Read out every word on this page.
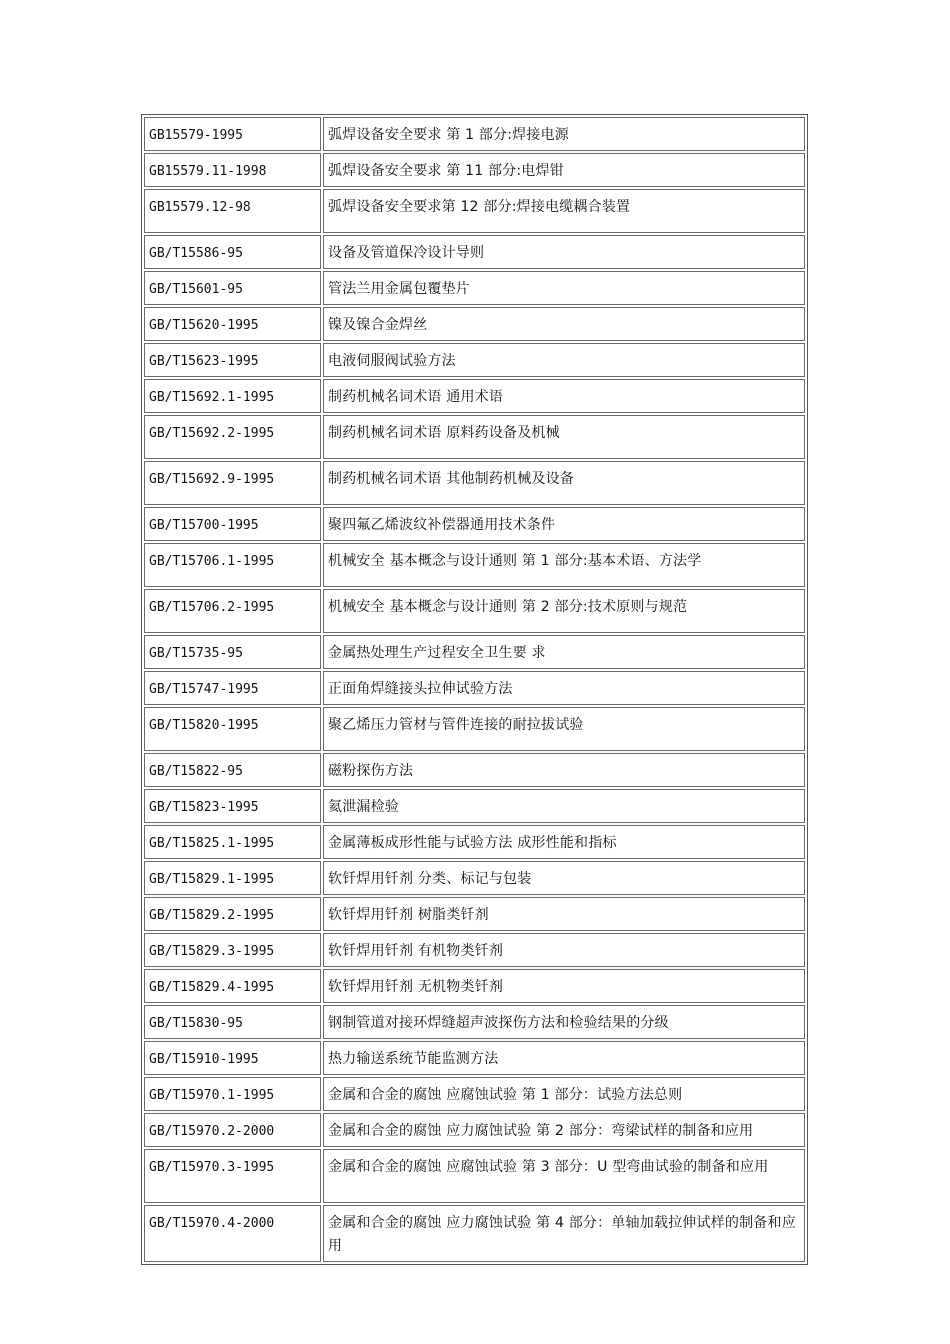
GB15579-1995	弧焊设备安全要求 第 1 部分:焊接电源
GB15579.11-1998	弧焊设备安全要求 第 11 部分:电焊钳
GB15579.12-98	弧焊设备安全要求第 12 部分:焊接电缆耦合装置
GB/T15586-95	设备及管道保冷设计导则
GB/T15601-95	管法兰用金属包覆垫片
GB/T15620-1995	镍及镍合金焊丝
GB/T15623-1995	电液伺服阀试验方法
GB/T15692.1-1995	制药机械名词术语 通用术语
GB/T15692.2-1995	制药机械名词术语 原料药设备及机械
GB/T15692.9-1995	制药机械名词术语 其他制药机械及设备
GB/T15700-1995	聚四氟乙烯波纹补偿器通用技术条件
GB/T15706.1-1995	机械安全 基本概念与设计通则 第 1 部分:基本术语、方法学
GB/T15706.2-1995	机械安全 基本概念与设计通则 第 2 部分:技术原则与规范
GB/T15735-95	金属热处理生产过程安全卫生要 求
GB/T15747-1995	正面角焊缝接头拉伸试验方法
GB/T15820-1995	聚乙烯压力管材与管件连接的耐拉拔试验
GB/T15822-95	磁粉探伤方法
GB/T15823-1995	氦泄漏检验
GB/T15825.1-1995	金属薄板成形性能与试验方法 成形性能和指标
GB/T15829.1-1995	软钎焊用钎剂 分类、标记与包装
GB/T15829.2-1995	软钎焊用钎剂 树脂类钎剂
GB/T15829.3-1995	软钎焊用钎剂 有机物类钎剂
GB/T15829.4-1995	软钎焊用钎剂 无机物类钎剂
GB/T15830-95	钢制管道对接环焊缝超声波探伤方法和检验结果的分级
GB/T15910-1995	热力输送系统节能监测方法
GB/T15970.1-1995	金属和合金的腐蚀 应腐蚀试验 第 1 部分：试验方法总则
GB/T15970.2-2000	金属和合金的腐蚀 应力腐蚀试验 第 2 部分：弯梁试样的制备和应用
GB/T15970.3-1995	金属和合金的腐蚀 应腐蚀试验 第 3 部分：U 型弯曲试验的制备和应用
GB/T15970.4-2000	金属和合金的腐蚀 应力腐蚀试验 第 4 部分：单轴加载拉伸试样的制备和应用
